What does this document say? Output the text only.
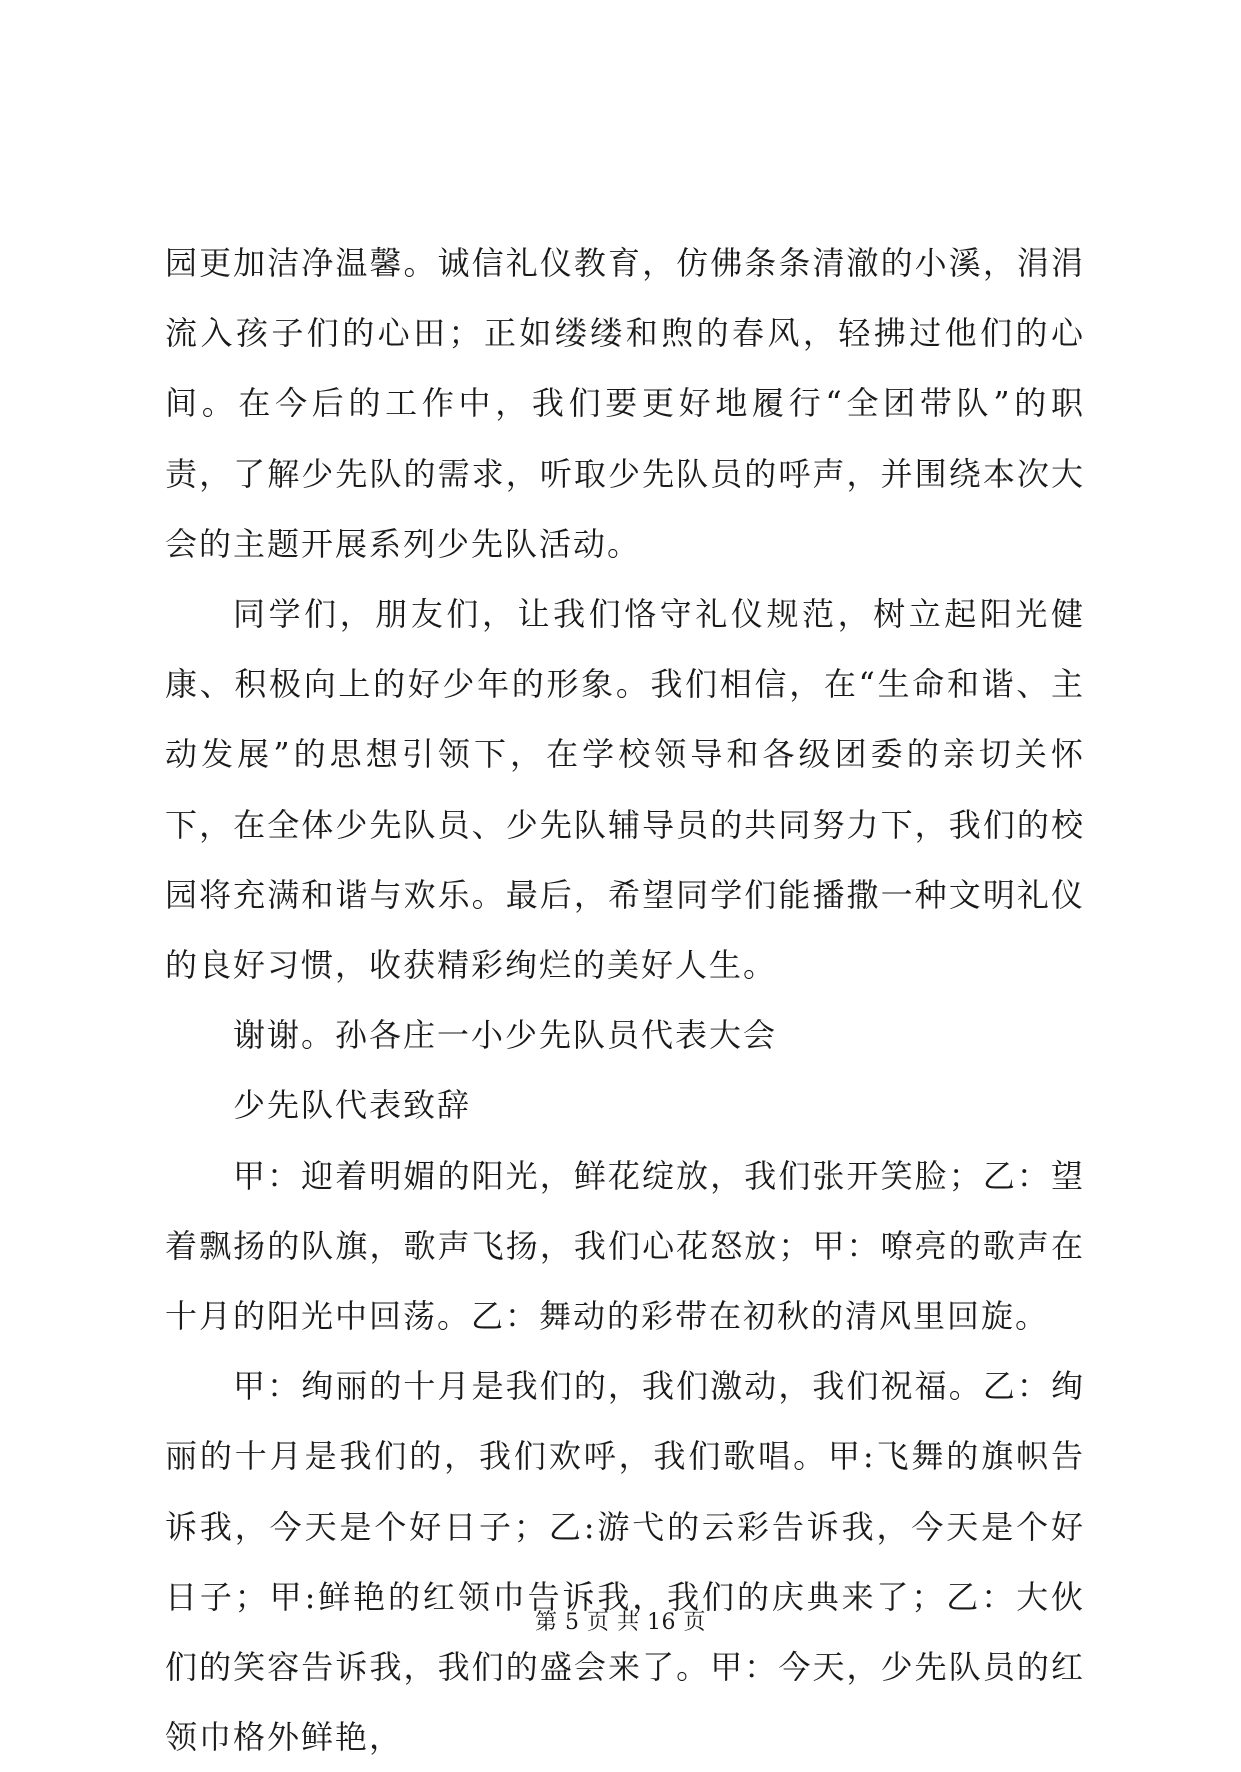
园更加洁净温馨。诚信礼仪教育，仿佛条条清澈的小溪，涓涓流入孩子们的心田；正如缕缕和煦的春风，轻拂过他们的心间。在今后的工作中，我们要更好地履行“全团带队”的职责，了解少先队的需求，听取少先队员的呼声，并围绕本次大会的主题开展系列少先队活动。

同学们，朋友们，让我们恪守礼仪规范，树立起阳光健康、积极向上的好少年的形象。我们相信，在“生命和谐、主动发展”的思想引领下，在学校领导和各级团委的亲切关怀下，在全体少先队员、少先队辅导员的共同努力下，我们的校园将充满和谐与欢乐。最后，希望同学们能播撒一种文明礼仪的良好习惯，收获精彩绚烂的美好人生。

谢谢。孙各庄一小少先队员代表大会

少先队代表致辞

甲：迎着明媚的阳光，鲜花绽放，我们张开笑脸；乙：望着飘扬的队旗，歌声飞扬，我们心花怒放；甲：嘹亮的歌声在十月的阳光中回荡。乙：舞动的彩带在初秋的清风里回旋。

甲：绚丽的十月是我们的，我们激动，我们祝福。乙：绚丽的十月是我们的，我们欢呼，我们歌唱。甲:飞舞的旗帜告诉我，今天是个好日子；乙:游弋的云彩告诉我，今天是个好日子；甲:鲜艳的红领巾告诉我，我们的庆典来了；乙：大伙们的笑容告诉我，我们的盛会来了。甲：今天，少先队员的红领巾格外鲜艳，

第 5 页 共 16 页
